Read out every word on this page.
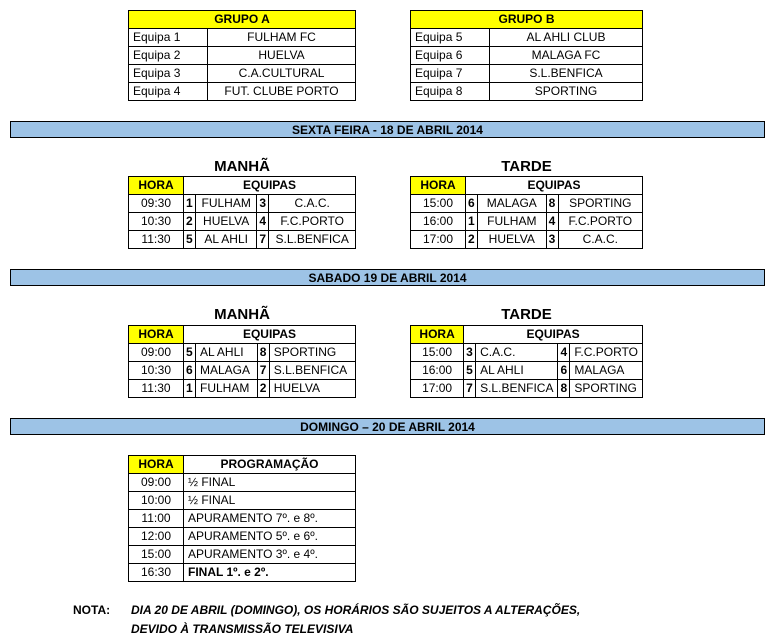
GRUPO A	
Equipa 1	FULHAM FC
Equipa 2	HUELVA
Equipa 3	C.A.CULTURAL
Equipa 4	FUT. CLUBE PORTO
GRUPO B	
Equipa 5	AL AHLI CLUB
Equipa 6	MALAGA FC
Equipa 7	S.L.BENFICA
Equipa 8	SPORTING
SEXTA FEIRA - 18 DE ABRIL 2014
MANHÃ	TARDE
HORA	EQUIPAS			
09:30	1	FULHAM	3	C.A.C.
10:30	2	HUELVA	4	F.C.PORTO
11:30	5	AL AHLI	7	S.L.BENFICA
HORA	EQUIPAS			
15:00	6	MALAGA	8	SPORTING
16:00	1	FULHAM	4	F.C.PORTO
17:00	2	HUELVA	3	C.A.C.
SABADO 19 DE ABRIL 2014
MANHÃ	TARDE
HORA	EQUIPAS			
09:00	5	AL AHLI	8	SPORTING
10:30	6	MALAGA	7	S.L.BENFICA
11:30	1	FULHAM	2	HUELVA
HORA	EQUIPAS			
15:00	3	C.A.C.	4	F.C.PORTO
16:00	5	AL AHLI	6	MALAGA
17:00	7	S.L.BENFICA	8	SPORTING
DOMINGO – 20 DE ABRIL 2014
HORA	PROGRAMAÇÃO
09:00	½ FINAL
10:00	½ FINAL
11:00	APURAMENTO 7º. e 8º.
12:00	APURAMENTO 5º. e 6º.
15:00	APURAMENTO 3º. e 4º.
16:30	FINAL 1º. e 2º.
NOTA: DIA 20 DE ABRIL (DOMINGO), OS HORÁRIOS SÃO SUJEITOS A ALTERAÇÕES,
DEVIDO À TRANSMISSÃO TELEVISIVA
